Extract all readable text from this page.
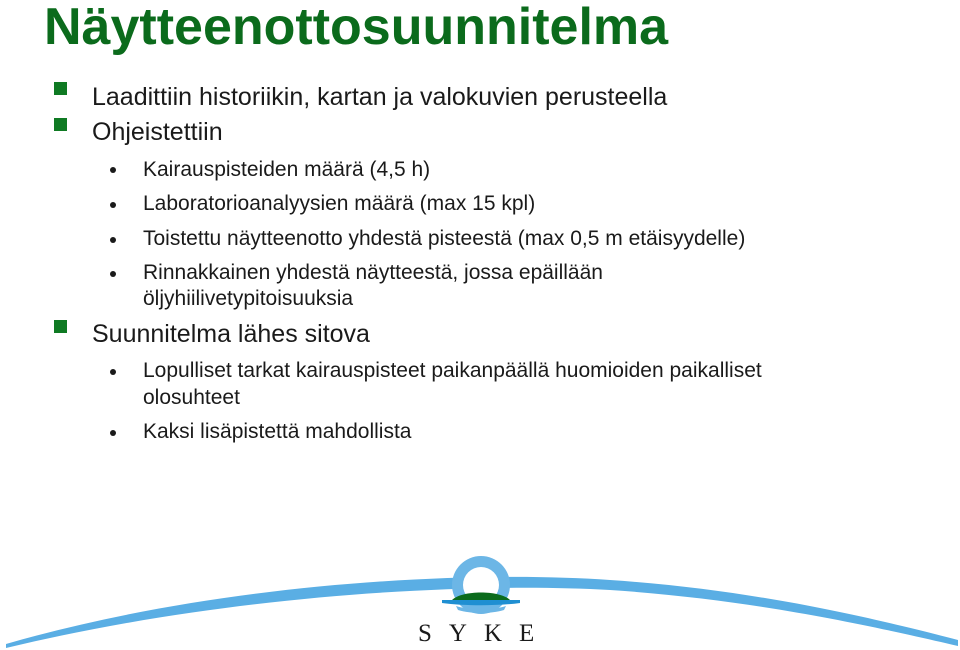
Näytteenottosuunnitelma

Laadittiin historiikin, kartan ja valokuvien perusteella

Ohjeistettiin

Kairauspisteiden määrä (4,5 h)

Laboratorioanalyysien määrä (max 15 kpl)

Toistettu näytteenotto yhdestä pisteestä (max 0,5 m etäisyydelle)

Rinnakkainen yhdestä näytteestä, jossa epäillään

öljyhiilivetypitoisuuksia

Suunnitelma lähes sitova

Lopulliset tarkat kairauspisteet paikanpäällä huomioiden paikalliset

olosuhteet

Kaksi lisäpistettä mahdollista

SYKE
